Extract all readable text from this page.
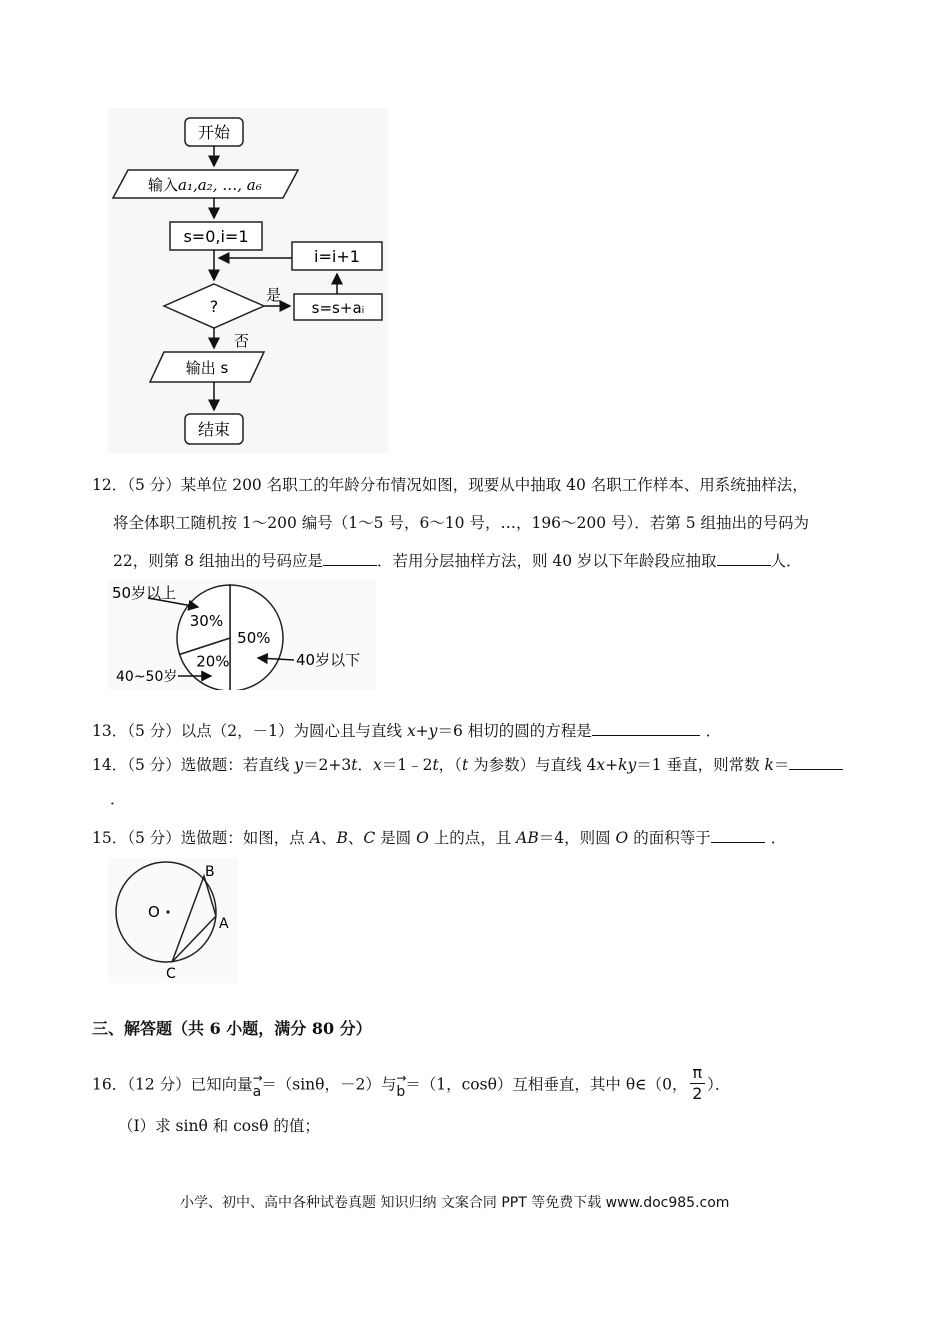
开始
输入a₁,a₂, …, a₆
s=0,i=1
i=i+1
?
是
s=s+aᵢ
否
输出 s
结束
12．（5 分）某单位 200 名职工的年龄分布情况如图，现要从中抽取 40 名职工作样本、用系统抽样法，
将全体职工随机按 1～200 编号（1～5 号，6～10 号，…，196～200 号）．若第 5 组抽出的号码为
22，则第 8 组抽出的号码应是	．若用分层抽样方法，则 40 岁以下年龄段应抽取	人．
50%
20%
30%
50岁以上
40~50岁
40岁以下
13．（5 分）以点（2，－1）为圆心且与直线 x+y＝6 相切的圆的方程是	．
14．（5 分）选做题：若直线 y＝2+3t．x＝1﹣2t，（t 为参数）与直线 4x+ky＝1 垂直，则常数 k＝
．
15．（5 分）选做题：如图，点 A、B、C 是圆 O 上的点，且 AB＝4，则圆 O 的面积等于	．
O
B
A
C
三、解答题（共 6 小题，满分 80 分）
16．（12 分）已知向量 →
a＝（sinθ，－2）与 →
b＝（1，cosθ）互相垂直，其中 θ∈（0， $\frac{\pi}{2}$ ）．
（Ⅰ）求 sinθ 和 cosθ 的值；
小学、初中、高中各种试卷真题 知识归纳 文案合同 PPT 等免费下载 www.doc985.com
